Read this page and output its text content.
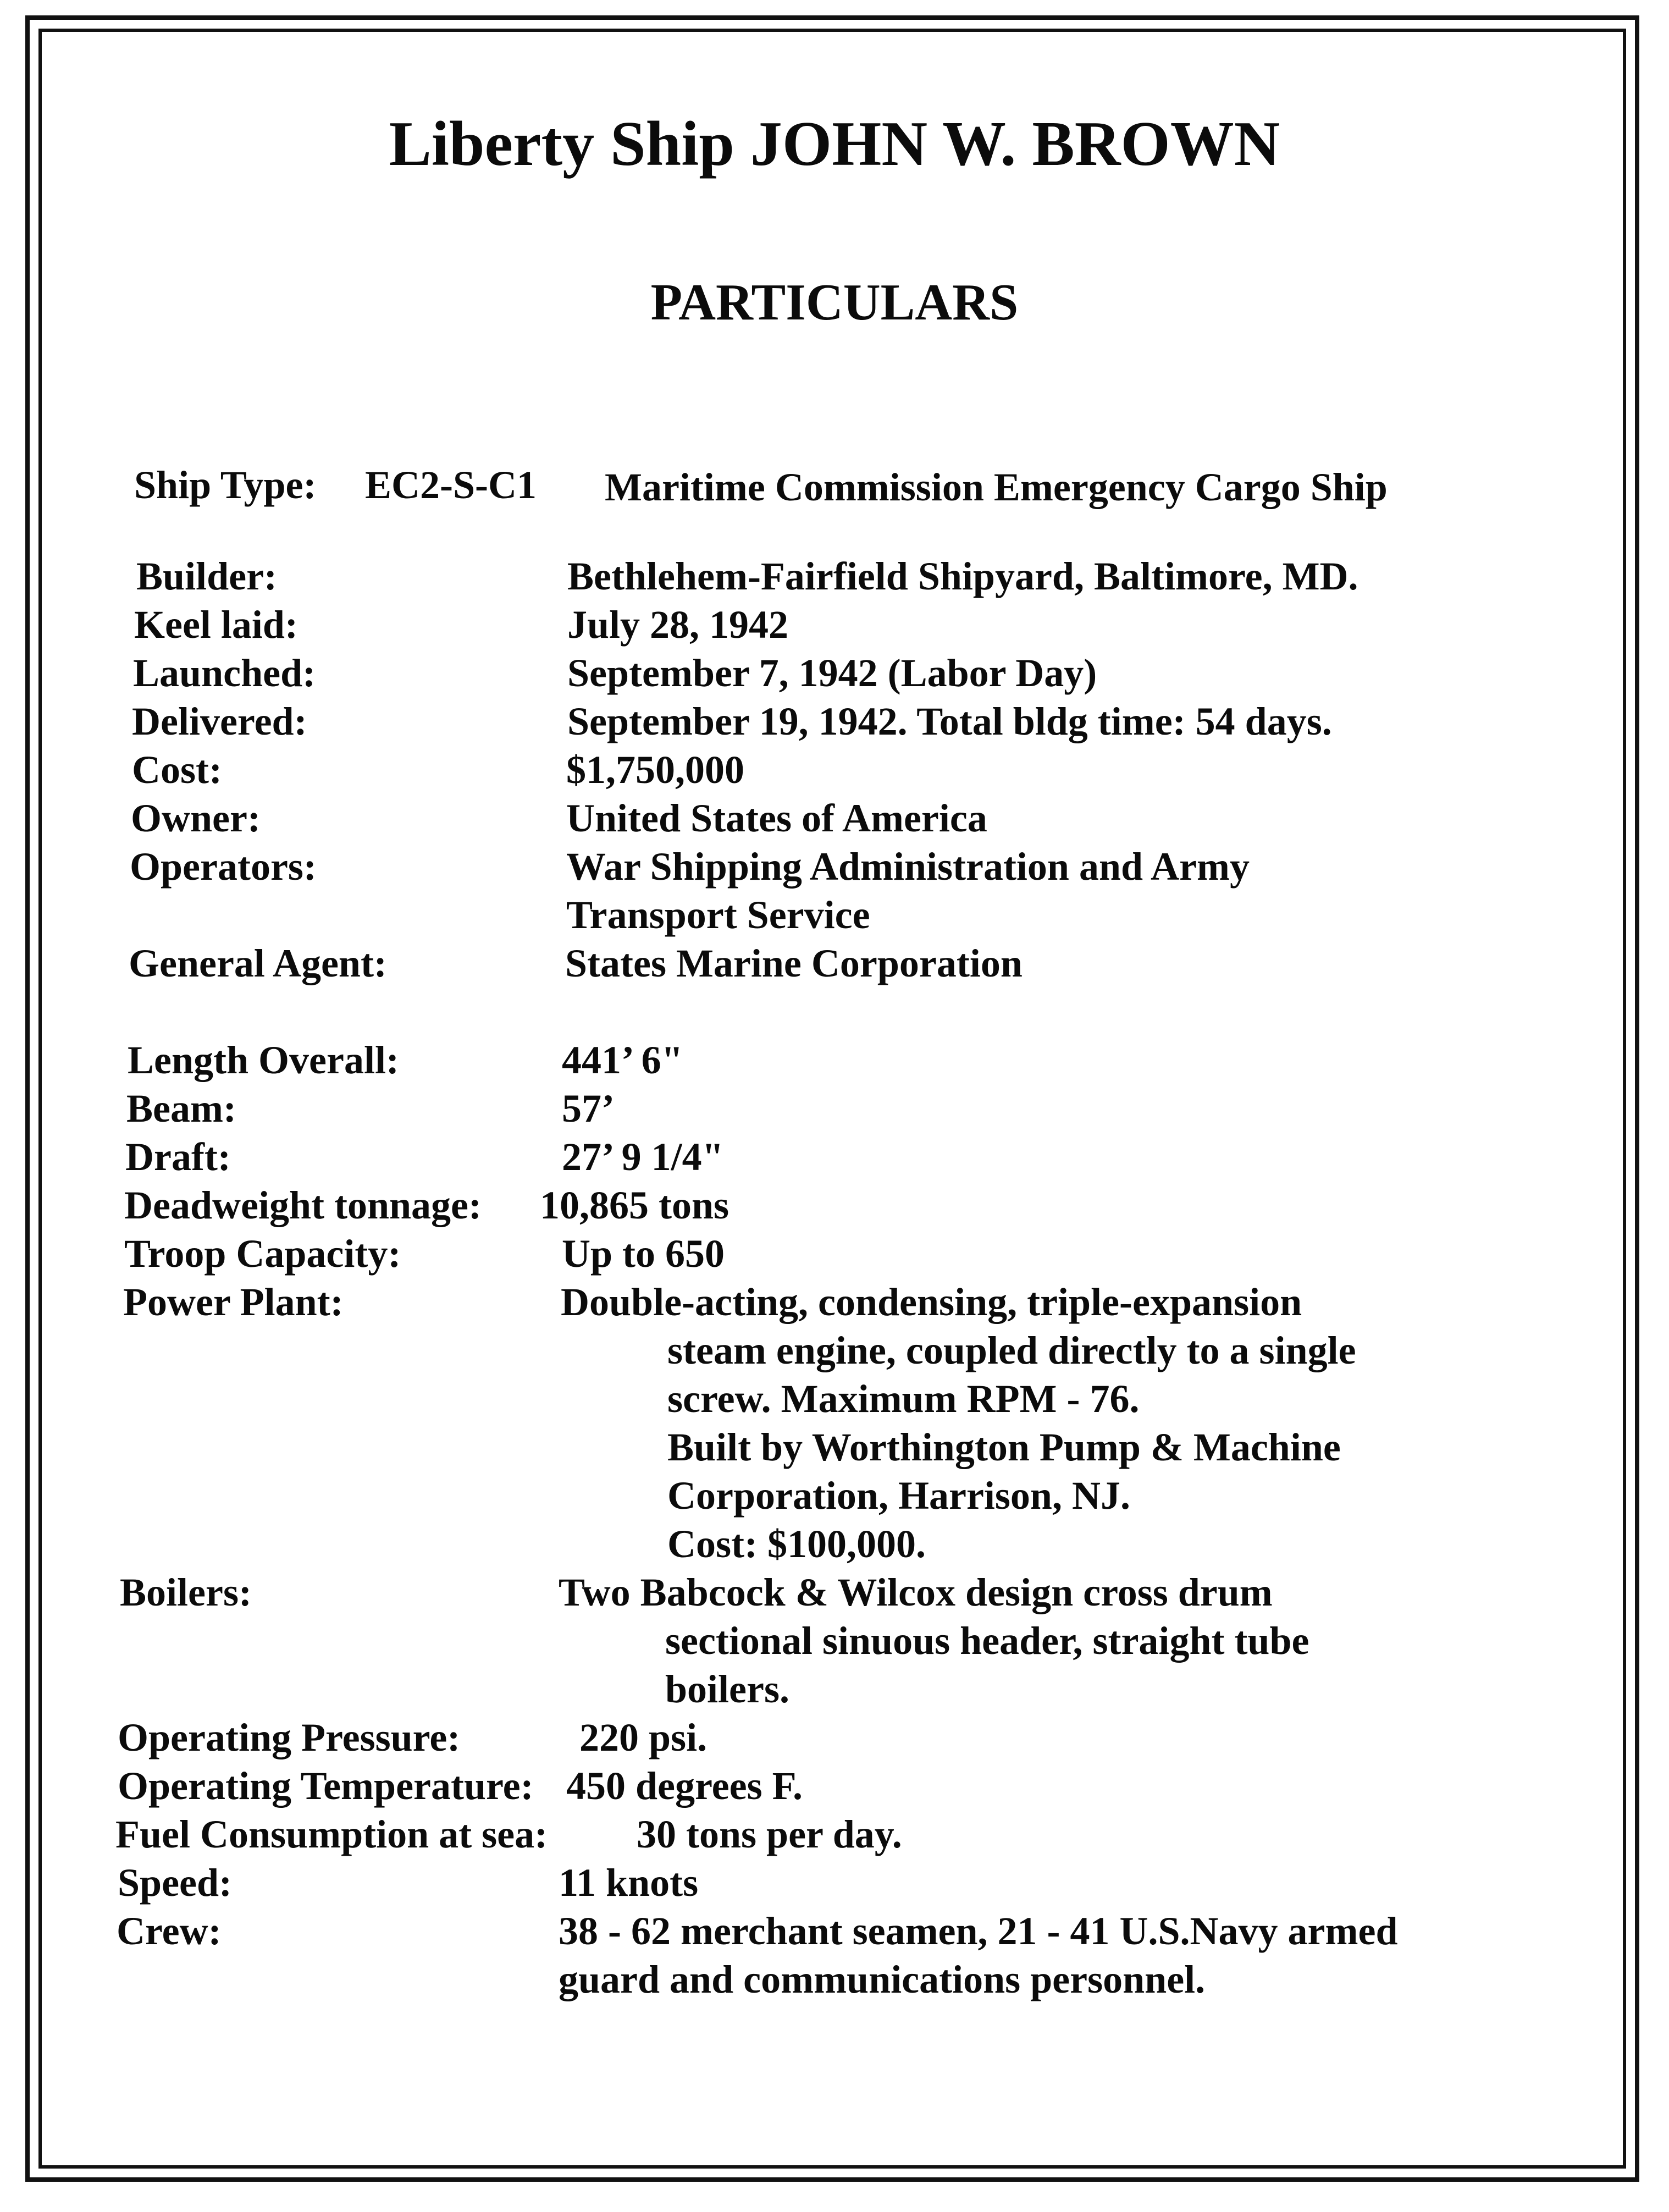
Liberty Ship JOHN W. BROWN
PARTICULARS
Ship Type: EC2-S-C1 Maritime Commission Emergency Cargo Ship
Builder:	Bethlehem-Fairfield Shipyard, Baltimore, MD.
Keel laid:	July 28, 1942
Launched:	September 7, 1942 (Labor Day)
Delivered:	September 19, 1942. Total bldg time: 54 days.
Cost:	$1,750,000
Owner:	United States of America
Operators:	War Shipping Administration and Army
Transport Service
General Agent:	States Marine Corporation
Length Overall:	441’ 6"
Beam:	57’
Draft:	27’ 9 1/4"
Deadweight tonnage: 10,865 tons
Troop Capacity:	Up to 650
Power Plant:	Double-acting, condensing, triple-expansion
steam engine, coupled directly to a single
screw. Maximum RPM - 76.
Built by Worthington Pump & Machine
Corporation, Harrison, NJ.
Cost: $100,000.
Boilers:	Two Babcock & Wilcox design cross drum
sectional sinuous header, straight tube
boilers.
Operating Pressure:	220 psi.
Operating Temperature: 450 degrees F.
Fuel Consumption at sea: 30 tons per day.
Speed:	11 knots
Crew:	38 - 62 merchant seamen, 21 - 41 U.S.Navy armed
guard and communications personnel.
